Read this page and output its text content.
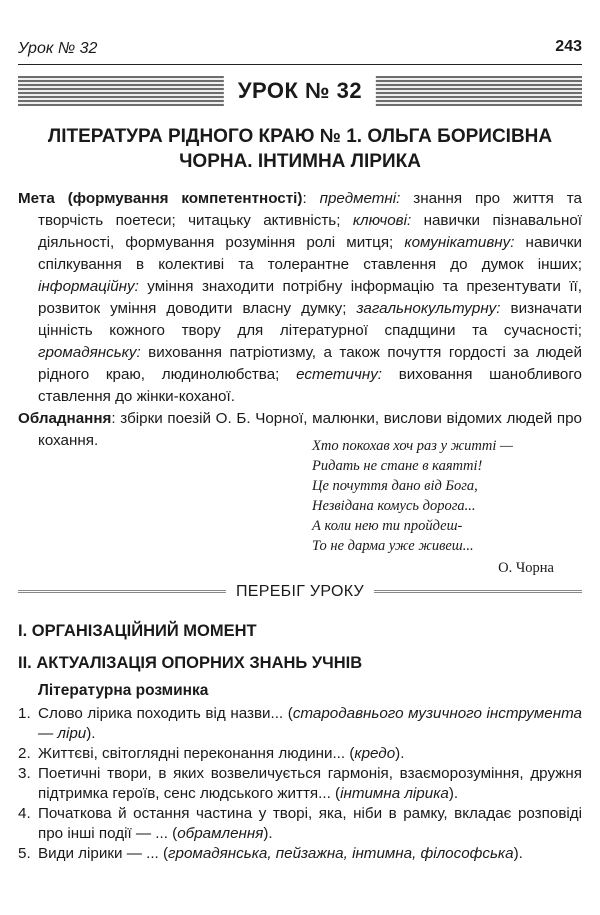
Урок № 32	243
УРОК № 32
ЛІТЕРАТУРА РІДНОГО КРАЮ № 1. ОЛЬГА БОРИСІВНА
ЧОРНА. ІНТИМНА ЛІРИКА

Мета (формування компетентності): предметні: знання про життя та творчість поетеси; читацьку активність; ключові: навички пізнавальної діяльності, формування розуміння ролі митця; комунікативну: навички спілкування в колективі та толерантне ставлення до думок інших; інформаційну: уміння знаходити потрібну інформацію та презентувати її, розвиток уміння доводити власну думку; загальнокультурну: визначати цінність кожного твору для літературної спадщини та сучасності; громадянську: виховання патріотизму, а також почуття гордості за людей рідного краю, людинолюбства; естетичну: виховання шанобливого ставлення до жінки-коханої.

Обладнання: збірки поезій О. Б. Чорної, малюнки, вислови відомих людей про кохання.	Хто покохав хоч раз у житті —
Ридать не стане в каятті!
Це почуття дано від Бога,
Незвідана комусь дорога...
А коли нею ти пройдеш-
То не дарма уже живеш...
О. Чорна
ПЕРЕБІГ УРОКУ
I. ОРГАНІЗАЦІЙНИЙ МОМЕНТ
II. АКТУАЛІЗАЦІЯ ОПОРНИХ ЗНАНЬ УЧНІВ
Літературна розминка
1. Слово лірика походить від назви... (стародавнього музичного інструмента — ліри).
2. Життєві, світоглядні переконання людини... (кредо).
3. Поетичні твори, в яких возвеличується гармонія, взаєморозуміння, дружня підтримка героїв, сенс людського життя... (інтимна лірика).
4. Початкова й остання частина у творі, яка, ніби в рамку, вкладає розповіді про інші події — ... (обрамлення).
5. Види лірики — ... (громадянська, пейзажна, інтимна, філософська).
